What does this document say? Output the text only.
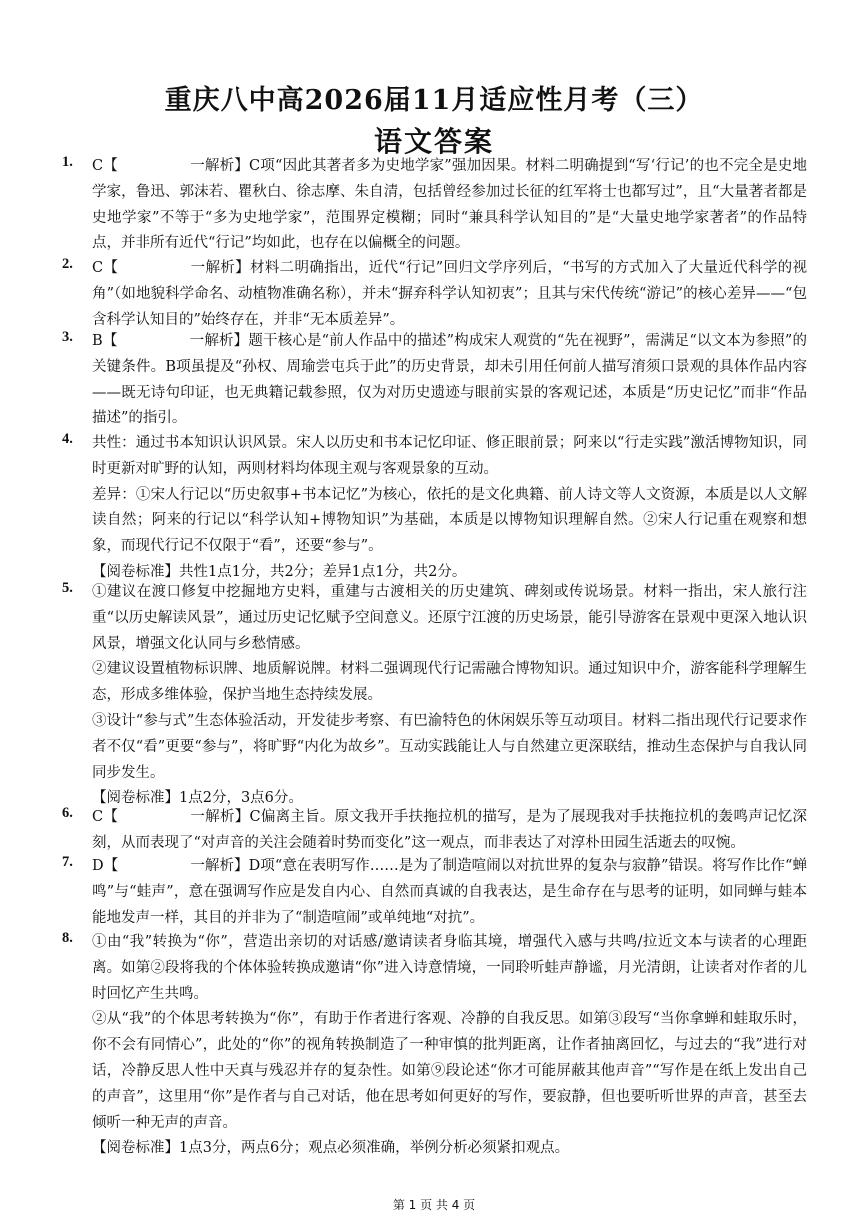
重庆八中高2026届11月适应性月考（三）
语文答案
1.	C【	一解析】C项“因此其著者多为史地学家”强加因果。材料二明确提到“写‘行记’的也不完全是史地学家，鲁迅、郭沫若、瞿秋白、徐志摩、朱自清，包括曾经参加过长征的红军将士也都写过”，且“大量著者都是史地学家”不等于“多为史地学家”，范围界定模糊；同时“兼具科学认知目的”是“大量史地学家著者”的作品特点，并非所有近代“行记”均如此，也存在以偏概全的问题。

2.	C【	一解析】材料二明确指出，近代“行记”回归文学序列后，“书写的方式加入了大量近代科学的视角”（如地貌科学命名、动植物准确名称），并未“摒弃科学认知初衷”；且其与宋代传统“游记”的核心差异——“包含科学认知目的”始终存在，并非“无本质差异”。

3.	B【	一解析】题干核心是“前人作品中的描述”构成宋人观赏的“先在视野”，需满足“以文本为参照”的关键条件。B项虽提及“孙权、周瑜尝屯兵于此”的历史背景，却未引用任何前人描写淯须口景观的具体作品内容——既无诗句印证，也无典籍记载参照，仅为对历史遗迹与眼前实景的客观记述，本质是“历史记忆”而非“作品描述”的指引。

4.	共性：通过书本知识认识风景。宋人以历史和书本记忆印证、修正眼前景；阿来以“行走实践”激活博物知识，同时更新对旷野的认知，两则材料均体现主观与客观景象的互动。

差异：①宋人行记以“历史叙事+书本记忆”为核心，依托的是文化典籍、前人诗文等人文资源，本质是以人文解读自然；阿来的行记以“科学认知+博物知识”为基础，本质是以博物知识理解自然。②宋人行记重在观察和想象，而现代行记不仅限于“看”，还要“参与”。

【阅卷标准】共性1点1分，共2分；差异1点1分，共2分。

5.	①建议在渡口修复中挖掘地方史料，重建与古渡相关的历史建筑、碑刻或传说场景。材料一指出，宋人旅行注重“以历史解读风景”，通过历史记忆赋予空间意义。还原宁江渡的历史场景，能引导游客在景观中更深入地认识风景，增强文化认同与乡愁情感。

②建议设置植物标识牌、地质解说牌。材料二强调现代行记需融合博物知识。通过知识中介，游客能科学理解生态，形成多维体验，保护当地生态持续发展。

③设计“参与式”生态体验活动，开发徒步考察、有巴渝特色的休闲娱乐等互动项目。材料二指出现代行记要求作者不仅“看”更要“参与”，将旷野“内化为故乡”。互动实践能让人与自然建立更深联结，推动生态保护与自我认同同步发生。

【阅卷标准】1点2分，3点6分。

6.	C【	一解析】C偏离主旨。原文我开手扶拖拉机的描写，是为了展现我对手扶拖拉机的轰鸣声记忆深刻，从而表现了“对声音的关注会随着时势而变化”这一观点，而非表达了对淳朴田园生活逝去的叹惋。

7.	D【	一解析】D项“意在表明写作……是为了制造喧闹以对抗世界的复杂与寂静”错误。将写作比作“蝉鸣”与“蛙声”，意在强调写作应是发自内心、自然而真诚的自我表达，是生命存在与思考的证明，如同蝉与蛙本能地发声一样，其目的并非为了“制造喧闹”或单纯地“对抗”。

8.	①由“我”转换为“你”，营造出亲切的对话感/邀请读者身临其境，增强代入感与共鸣/拉近文本与读者的心理距离。如第②段将我的个体体验转换成邀请“你”进入诗意情境，一同聆听蛙声静谧，月光清朗，让读者对作者的儿时回忆产生共鸣。

②从“我”的个体思考转换为“你”，有助于作者进行客观、冷静的自我反思。如第③段写“当你拿蝉和蛙取乐时，你不会有同情心”，此处的“你”的视角转换制造了一种审慎的批判距离，让作者抽离回忆，与过去的“我”进行对话，冷静反思人性中天真与残忍并存的复杂性。如第⑨段论述“你才可能屏蔽其他声音”“写作是在纸上发出自己的声音”，这里用“你”是作者与自己对话，他在思考如何更好的写作，要寂静，但也要听听世界的声音，甚至去倾听一种无声的声音。

【阅卷标准】1点3分，两点6分；观点必须准确，举例分析必须紧扣观点。

第 1 页 共 4 页
